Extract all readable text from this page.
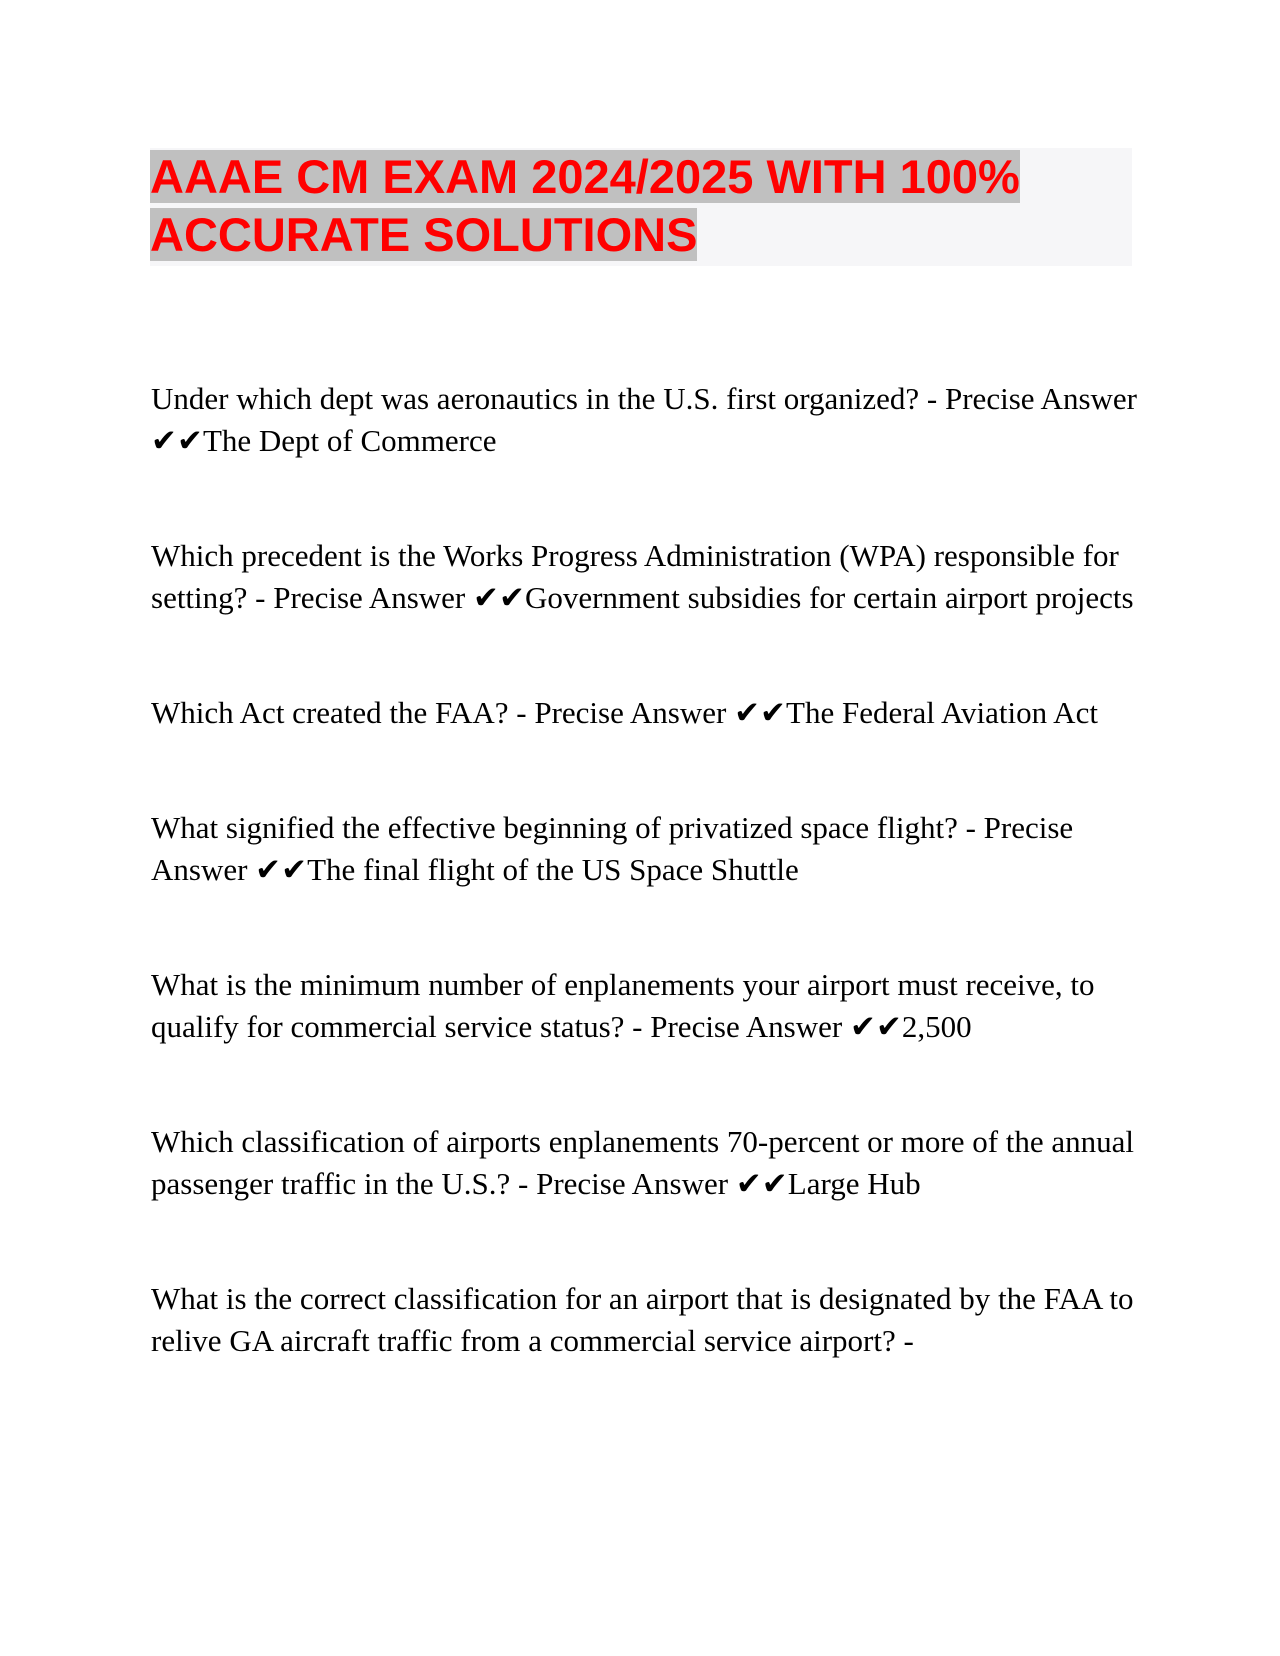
AAAE CM EXAM 2024/2025 WITH 100% ACCURATE SOLUTIONS

Under which dept was aeronautics in the U.S. first organized? - Precise Answer ✔✔The Dept of Commerce

Which precedent is the Works Progress Administration (WPA) responsible for setting? - Precise Answer ✔✔Government subsidies for certain airport projects

Which Act created the FAA? - Precise Answer ✔✔The Federal Aviation Act

What signified the effective beginning of privatized space flight? - Precise Answer ✔✔The final flight of the US Space Shuttle

What is the minimum number of enplanements your airport must receive, to qualify for commercial service status? - Precise Answer ✔✔2,500

Which classification of airports enplanements 70-percent or more of the annual passenger traffic in the U.S.? - Precise Answer ✔✔Large Hub

What is the correct classification for an airport that is designated by the FAA to relive GA aircraft traffic from a commercial service airport? -
